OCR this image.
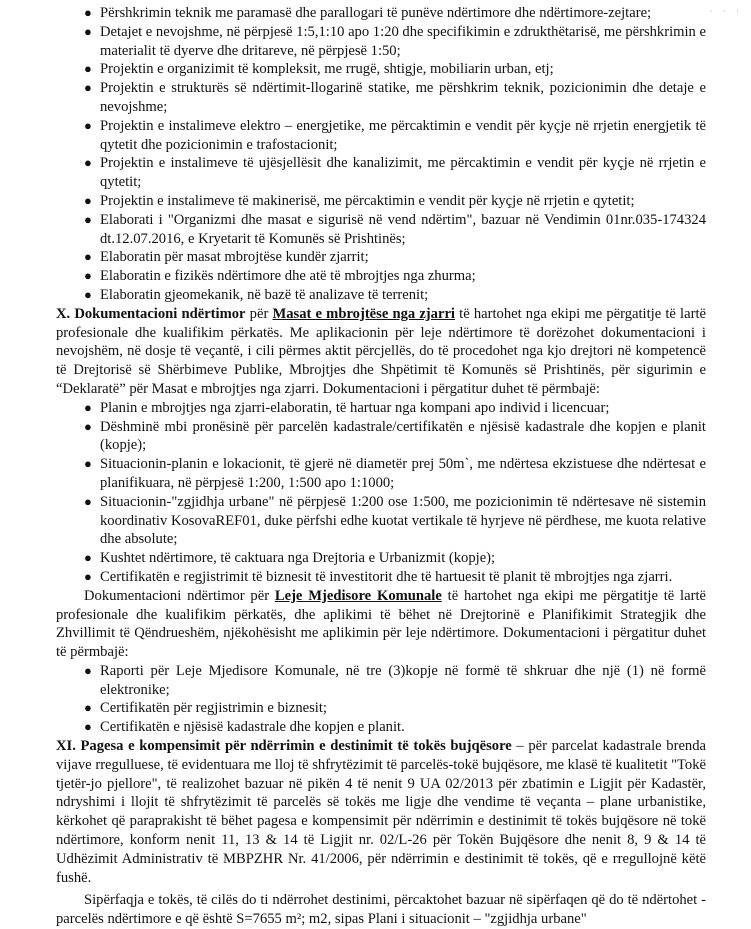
· · ·
● Përshkrimin teknik me paramasë dhe parallogari të punëve ndërtimore dhe ndërtimore-zejtare;
● Detajet e nevojshme, në përpjesë 1:5,1:10 apo 1:20 dhe specifikimin e zdrukthëtarisë, me përshkrimin e materialit të dyerve dhe dritareve, në përpjesë 1:50;
● Projektin e organizimit të kompleksit, me rrugë, shtigje, mobiliarin urban, etj;
● Projektin e strukturës së ndërtimit-llogarinë statike, me përshkrim teknik, pozicionimin dhe detaje e nevojshme;
● Projektin e instalimeve elektro – energjetike, me përcaktimin e vendit për kyçje në rrjetin energjetik të qytetit dhe pozicionimin e trafostacionit;
● Projektin e instalimeve të ujësjellësit dhe kanalizimit, me përcaktimin e vendit për kyçje në rrjetin e qytetit;
● Projektin e instalimeve të makinerisë, me përcaktimin e vendit për kyçje në rrjetin e qytetit;
● Elaborati i "Organizmi dhe masat e sigurisë në vend ndërtim", bazuar në Vendimin 01nr.035-174324 dt.12.07.2016, e Kryetarit të Komunës së Prishtinës;
● Elaboratin për masat mbrojtëse kundër zjarrit;
● Elaboratin e fizikës ndërtimore dhe atë të mbrojtjes nga zhurma;
● Elaboratin gjeomekanik, në bazë të analizave të terrenit;

X. Dokumentacioni ndërtimor për Masat e mbrojtëse nga zjarri të hartohet nga ekipi me përgatitje të lartë profesionale dhe kualifikim përkatës. Me aplikacionin për leje ndërtimore të dorëzohet dokumentacioni i nevojshëm, në dosje të veçantë, i cili përmes aktit përcjellës, do të procedohet nga kjo drejtori në kompetencë të Drejtorisë së Shërbimeve Publike, Mbrojtjes dhe Shpëtimit të Komunës së Prishtinës, për sigurimin e “Deklaratë” për Masat e mbrojtjes nga zjarri. Dokumentacioni i përgatitur duhet të përmbajë:

● Planin e mbrojtjes nga zjarri-elaboratin, të hartuar nga kompani apo individ i licencuar;
● Dëshminë mbi pronësinë për parcelën kadastrale/certifikatën e njësisë kadastrale dhe kopjen e planit (kopje);
● Situacionin-planin e lokacionit, të gjerë në diametër prej 50m`, me ndërtesa ekzistuese dhe ndërtesat e planifikuara, në përpjesë 1:200, 1:500 apo 1:1000;
● Situacionin-"zgjidhja urbane" në përpjesë 1:200 ose 1:500, me pozicionimin të ndërtesave në sistemin koordinativ KosovaREF01, duke përfshi edhe kuotat vertikale të hyrjeve në përdhese, me kuota relative dhe absolute;
● Kushtet ndërtimore, të caktuara nga Drejtoria e Urbanizmit (kopje);
● Certifikatën e regjistrimit të biznesit të investitorit dhe të hartuesit të planit të mbrojtjes nga zjarri.

Dokumentacioni ndërtimor për Leje Mjedisore Komunale të hartohet nga ekipi me përgatitje të lartë profesionale dhe kualifikim përkatës, dhe aplikimi të bëhet në Drejtorinë e Planifikimit Strategjik dhe Zhvillimit të Qëndrueshëm, njëkohësisht me aplikimin për leje ndërtimore. Dokumentacioni i përgatitur duhet të përmbajë:

● Raporti për Leje Mjedisore Komunale, në tre (3)kopje në formë të shkruar dhe një (1) në formë elektronike;
● Certifikatën për regjistrimin e biznesit;
● Certifikatën e njësisë kadastrale dhe kopjen e planit.

XI. Pagesa e kompensimit për ndërrimin e destinimit të tokës bujqësore – për parcelat kadastrale brenda vijave rregulluese, të evidentuara me lloj të shfrytëzimit të parcelës-tokë bujqësore, me klasë të kualitetit "Tokë tjetër-jo pjellore", të realizohet bazuar në pikën 4 të nenit 9 UA 02/2013 për zbatimin e Ligjit për Kadastër, ndryshimi i llojit të shfrytëzimit të parcelës së tokës me ligje dhe vendime të veçanta – plane urbanistike, kërkohet që paraprakisht të bëhet pagesa e kompensimit për ndërrimin e destinimit të tokës bujqësore në tokë ndërtimore, konform nenit 11, 13 & 14 të Ligjit nr. 02/L-26 për Tokën Bujqësore dhe nenit 8, 9 & 14 të Udhëzimit Administrativ të MBPZHR Nr. 41/2006, për ndërrimin e destinimit të tokës, që e rregullojnë këtë fushë.

Sipërfaqja e tokës, të cilës do ti ndërrohet destinimi, përcaktohet bazuar në sipërfaqen që do të ndërtohet - parcelës ndërtimore e që është S=7655 m²; m2, sipas Plani i situacionit – "zgjidhja urbane"
